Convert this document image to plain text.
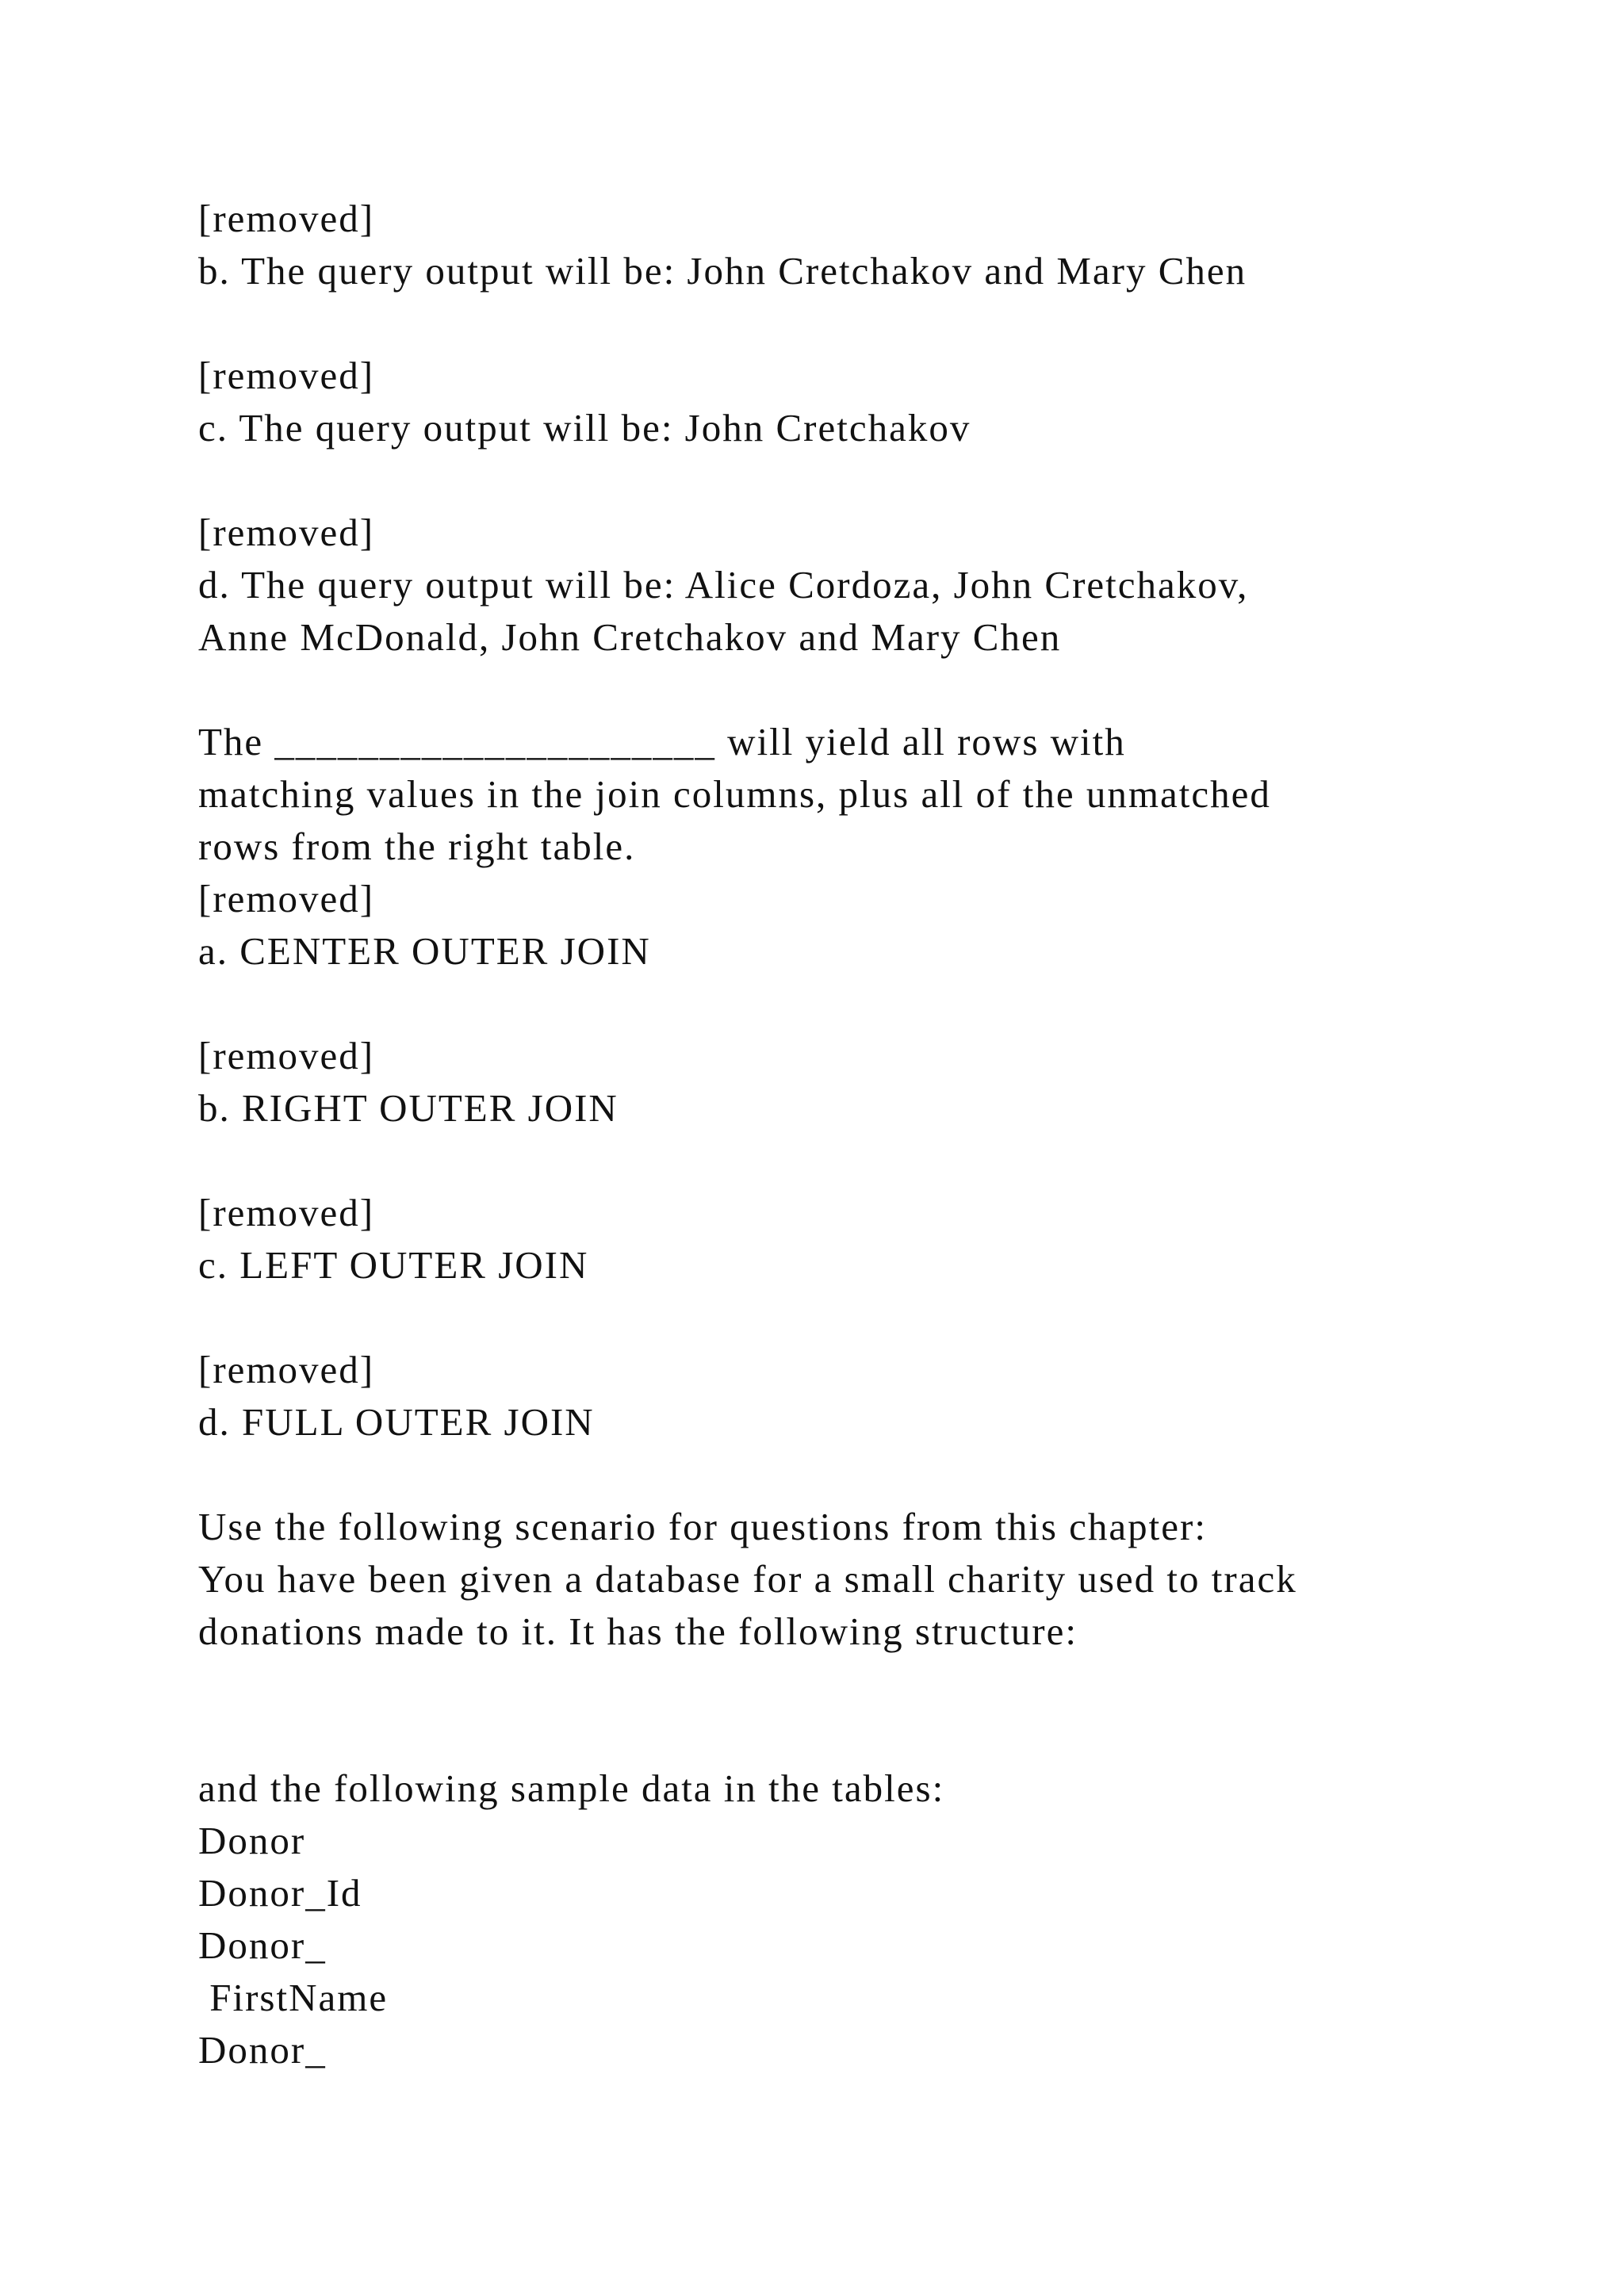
[removed]
b. The query output will be: John Cretchakov and Mary Chen
[removed]
c. The query output will be: John Cretchakov
[removed]
d. The query output will be: Alice Cordoza, John Cretchakov,
Anne McDonald, John Cretchakov and Mary Chen
The _____________________ will yield all rows with
matching values in the join columns, plus all of the unmatched
rows from the right table.
[removed]
a. CENTER OUTER JOIN
[removed]
b. RIGHT OUTER JOIN
[removed]
c. LEFT OUTER JOIN
[removed]
d. FULL OUTER JOIN
Use the following scenario for questions from this chapter:
You have been given a database for a small charity used to track
donations made to it. It has the following structure:
and the following sample data in the tables:
Donor
Donor_Id
Donor_
FirstName
Donor_
